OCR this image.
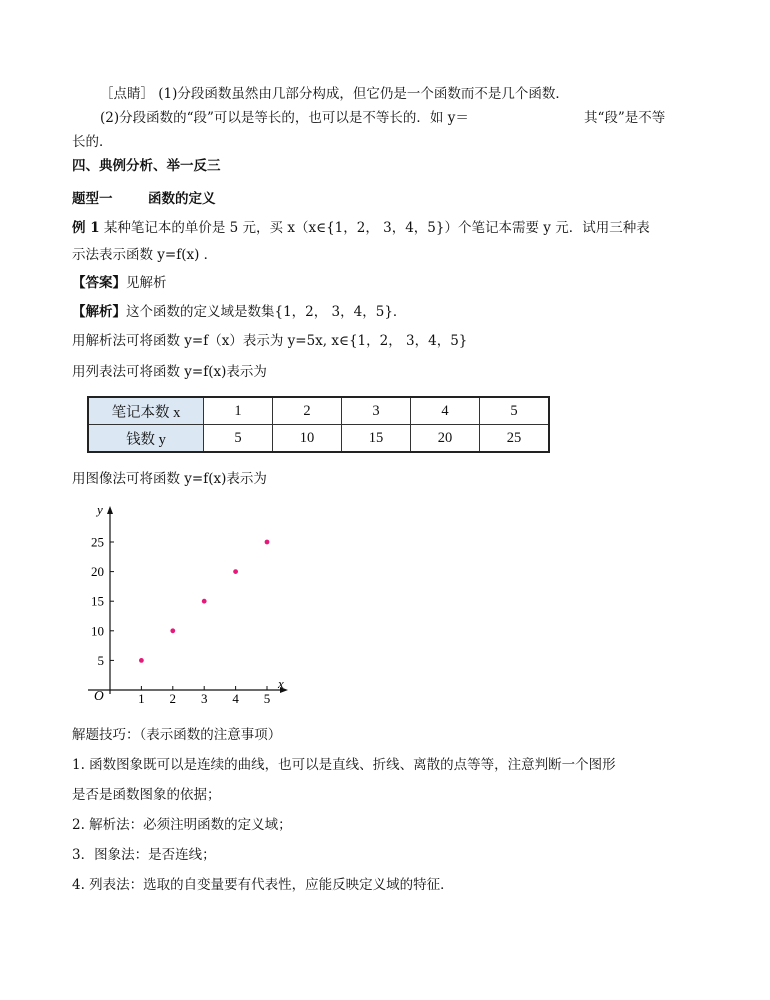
［点睛］ (1)分段函数虽然由几部分构成，但它仍是一个函数而不是几个函数．
(2)分段函数的“段”可以是等长的，也可以是不等长的．如 y＝	其“段”是不等
长的．
四、典例分析、举一反三
题型一	函数的定义
例 1 某种笔记本的单价是 5 元，买 x（x∈{1，2， 3，4，5}）个笔记本需要 y 元．试用三种表
示法表示函数 y=f(x) ．
【答案】见解析
【解析】这个函数的定义域是数集{1，2， 3，4，5}．
用解析法可将函数 y=f（x）表示为 y=5x, x∈{1，2， 3，4，5}
用列表法可将函数 y=f(x)表示为
笔记本数 x	1	2	3	4	5
钱数 y	5	10	15	20	25
用图像法可将函数 y=f(x)表示为
x
y
O	1 2 3 4 5
5
10
15
20
25
解题技巧：（表示函数的注意事项）
1. 函数图象既可以是连续的曲线，也可以是直线、折线、离散的点等等，注意判断一个图形
是否是函数图象的依据；
2. 解析法：必须注明函数的定义域；
3．图象法：是否连线；
4. 列表法：选取的自变量要有代表性，应能反映定义域的特征．
